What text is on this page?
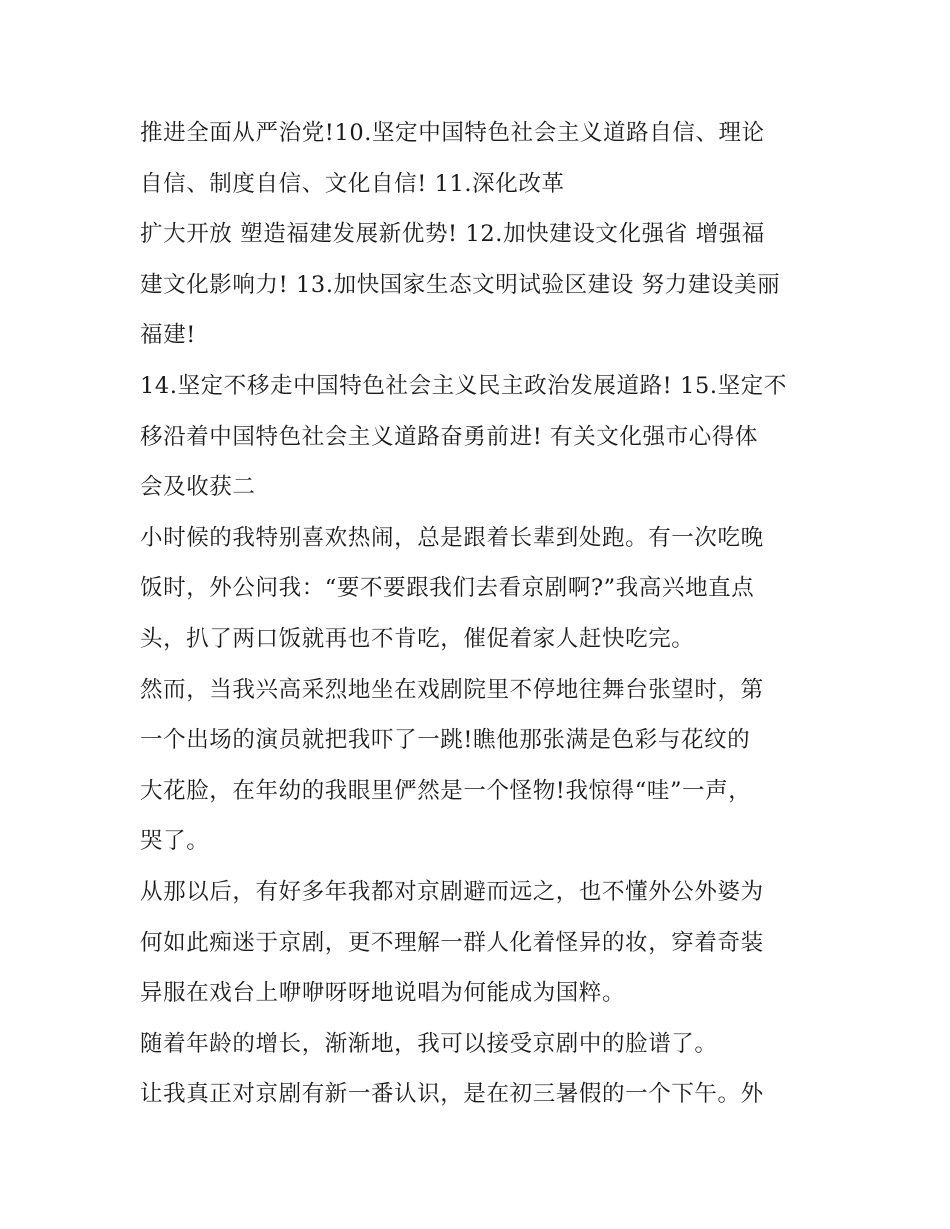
推进全面从严治党!10.坚定中国特色社会主义道路自信、理论
自信、制度自信、文化自信! 11.深化改革
扩大开放 塑造福建发展新优势! 12.加快建设文化强省 增强福
建文化影响力! 13.加快国家生态文明试验区建设 努力建设美丽
福建!
14.坚定不移走中国特色社会主义民主政治发展道路! 15.坚定不
移沿着中国特色社会主义道路奋勇前进! 有关文化强市心得体
会及收获二
小时候的我特别喜欢热闹，总是跟着长辈到处跑。有一次吃晚
饭时，外公问我：“要不要跟我们去看京剧啊?”我高兴地直点
头，扒了两口饭就再也不肯吃，催促着家人赶快吃完。
然而，当我兴高采烈地坐在戏剧院里不停地往舞台张望时，第
一个出场的演员就把我吓了一跳!瞧他那张满是色彩与花纹的
大花脸，在年幼的我眼里俨然是一个怪物!我惊得“哇”一声，
哭了。
从那以后，有好多年我都对京剧避而远之，也不懂外公外婆为
何如此痴迷于京剧，更不理解一群人化着怪异的妆，穿着奇装
异服在戏台上咿咿呀呀地说唱为何能成为国粹。
随着年龄的增长，渐渐地，我可以接受京剧中的脸谱了。
让我真正对京剧有新一番认识，是在初三暑假的一个下午。外
